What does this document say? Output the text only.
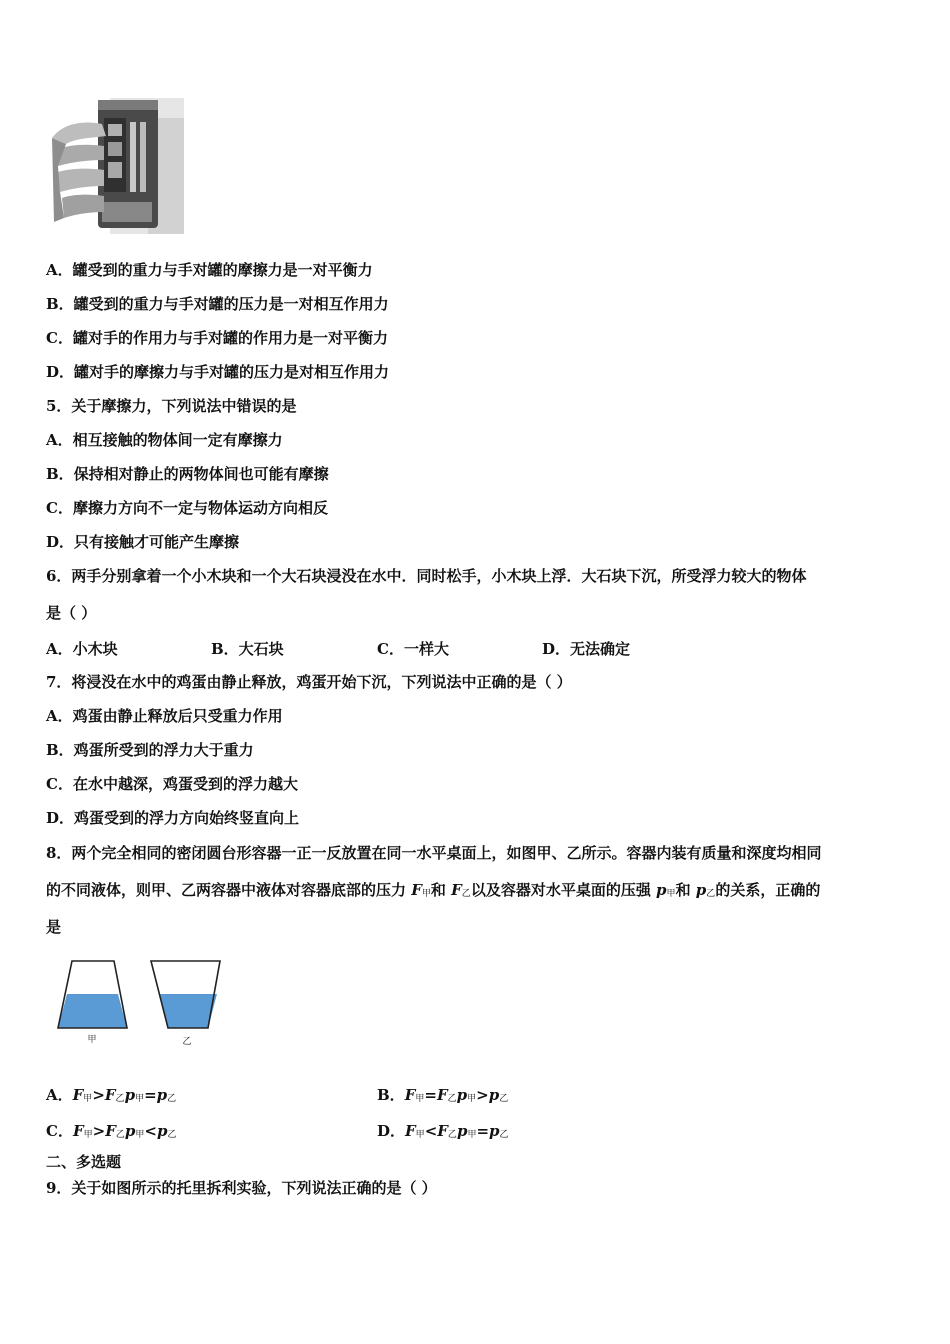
A．罐受到的重力与手对罐的摩擦力是一对平衡力
B．罐受到的重力与手对罐的压力是一对相互作用力
C．罐对手的作用力与手对罐的作用力是一对平衡力
D．罐对手的摩擦力与手对罐的压力是对相互作用力
5．关于摩擦力，下列说法中错误的是
A．相互接触的物体间一定有摩擦力
B．保持相对静止的两物体间也可能有摩擦
C．摩擦力方向不一定与物体运动方向相反
D．只有接触才可能产生摩擦
6．两手分别拿着一个小木块和一个大石块浸没在水中．同时松手，小木块上浮．大石块下沉，所受浮力较大的物体
是（ ）
A．小木块	B．大石块	C．一样大	D．无法确定
7．将浸没在水中的鸡蛋由静止释放，鸡蛋开始下沉，下列说法中正确的是（ ）
A．鸡蛋由静止释放后只受重力作用
B．鸡蛋所受到的浮力大于重力
C．在水中越深，鸡蛋受到的浮力越大
D．鸡蛋受到的浮力方向始终竖直向上
8．两个完全相同的密闭圆台形容器一正一反放置在同一水平桌面上，如图甲、乙所示。容器内装有质量和深度均相同
的不同液体，则甲、乙两容器中液体对容器底部的压力 F甲和 F乙以及容器对水平桌面的压强 p甲和 p乙的关系，正确的
是
甲	乙
A．F甲>F乙p甲=p乙	B．F甲=F乙p甲>p乙
C．F甲>F乙p甲<p乙	D．F甲<F乙p甲=p乙
二、多选题
9．关于如图所示的托里拆利实验，下列说法正确的是（ ）
